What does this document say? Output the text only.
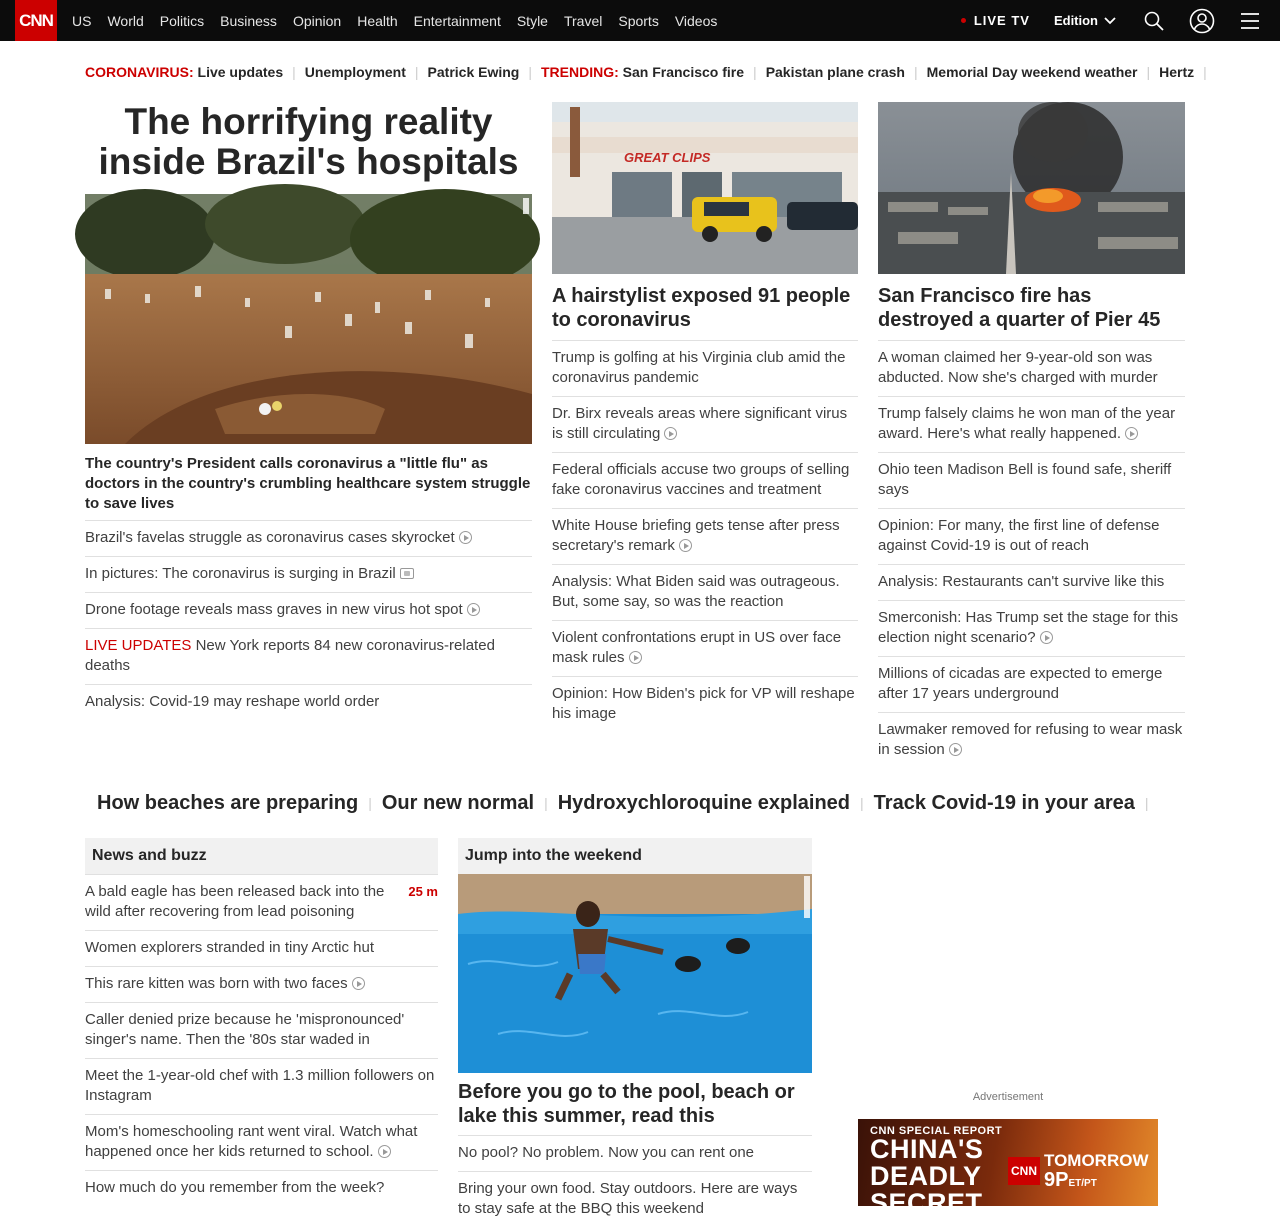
CNN	US	World	Politics	Business	Opinion	Health	Entertainment	Style	Travel	Sports	Videos	LIVE TV Edition
CORONAVIRUS:
Live updates | Unemployment | Patrick Ewing | TRENDING:
San Francisco fire | Pakistan plane crash | Memorial Day weekend weather | Hertz |
The horrifying reality inside Brazil's hospitals
The country's President calls coronavirus a "little flu" as doctors in the country's crumbling healthcare system struggle to save lives
Brazil's favelas struggle as coronavirus cases skyrocket
In pictures: The coronavirus is surging in Brazil
Drone footage reveals mass graves in new virus hot spot
LIVE UPDATES New York reports 84 new coronavirus-related deaths
Analysis: Covid-19 may reshape world order
GREAT CLIPS
A hairstylist exposed 91 people to coronavirus
Trump is golfing at his Virginia club amid the coronavirus pandemic
Dr. Birx reveals areas where significant virus is still circulating
Federal officials accuse two groups of selling fake coronavirus vaccines and treatment
White House briefing gets tense after press secretary's remark
Analysis: What Biden said was outrageous. But, some say, so was the reaction
Violent confrontations erupt in US over face mask rules
Opinion: How Biden's pick for VP will reshape his image
San Francisco fire has destroyed a quarter of Pier 45
A woman claimed her 9-year-old son was abducted. Now she's charged with murder
Trump falsely claims he won man of the year award. Here's what really happened.
Ohio teen Madison Bell is found safe, sheriff says
Opinion: For many, the first line of defense against Covid-19 is out of reach
Analysis: Restaurants can't survive like this
Smerconish: Has Trump set the stage for this election night scenario?
Millions of cicadas are expected to emerge after 17 years underground
Lawmaker removed for refusing to wear mask in session
How beaches are preparing | Our new normal | Hydroxychloroquine explained | Track Covid-19 in your area |
News and buzz
25 m
A bald eagle has been released back into the wild after recovering from lead poisoning
Women explorers stranded in tiny Arctic hut
This rare kitten was born with two faces
Caller denied prize because he 'mispronounced' singer's name. Then the '80s star waded in
Meet the 1-year-old chef with 1.3 million followers on Instagram
Mom's homeschooling rant went viral. Watch what happened once her kids returned to school.
How much do you remember from the week?
Jump into the weekend
Before you go to the pool, beach or lake this summer, read this
No pool? No problem. Now you can rent one
Bring your own food. Stay outdoors. Here are ways to stay safe at the BBQ this weekend
Advertisement
CNN SPECIAL REPORT
CHINA'S
DEADLY
SECRET
CNN
TOMORROW
9PET/PT
